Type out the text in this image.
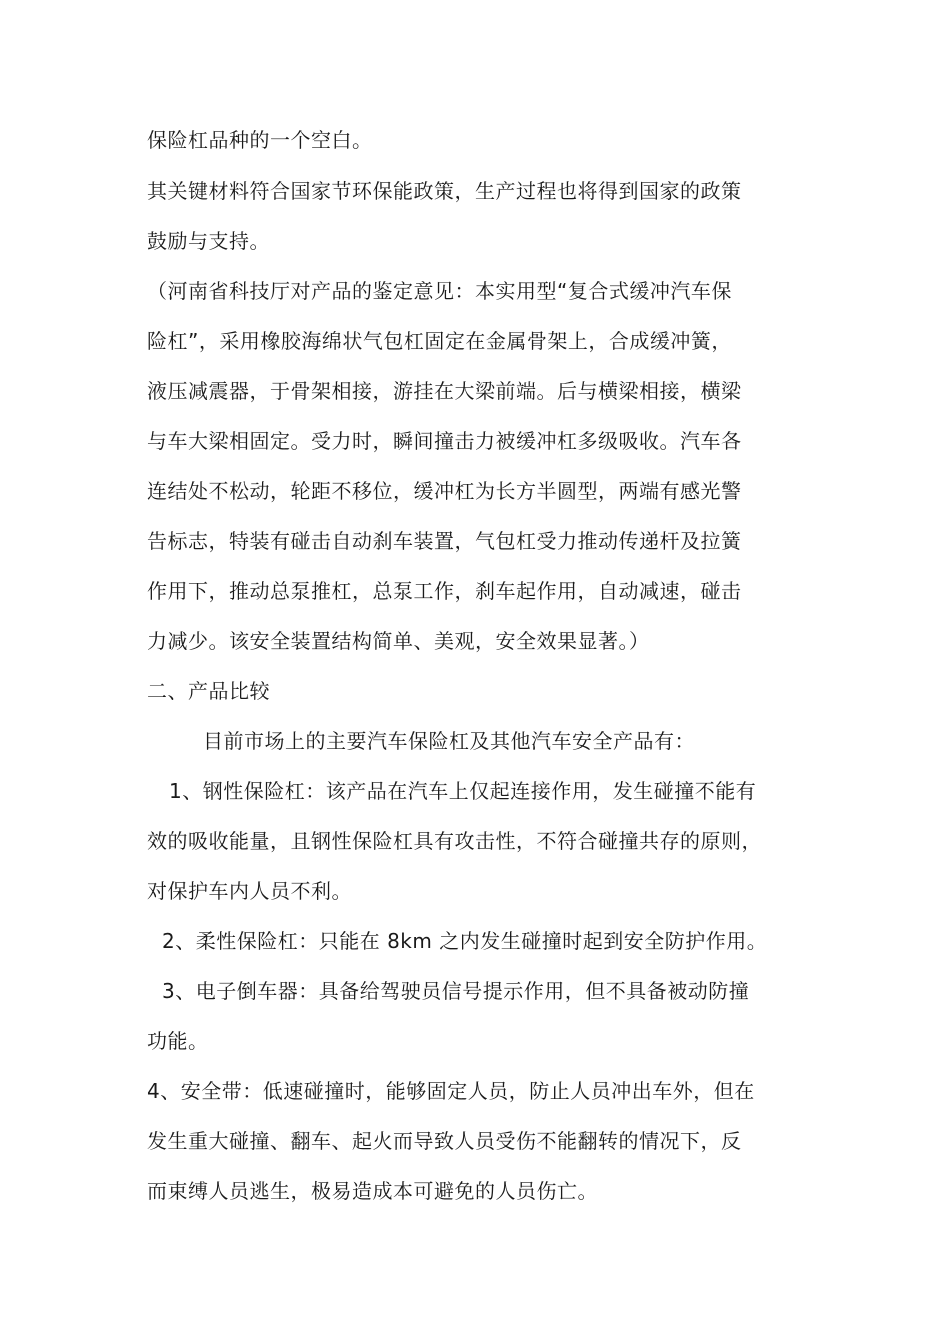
保险杠品种的一个空白。
其关键材料符合国家节环保能政策，生产过程也将得到国家的政策
鼓励与支持。
（河南省科技厅对产品的鉴定意见：本实用型“复合式缓冲汽车保
险杠”，采用橡胶海绵状气包杠固定在金属骨架上，合成缓冲簧，
液压减震器，于骨架相接，游挂在大梁前端。后与横梁相接，横梁
与车大梁相固定。受力时，瞬间撞击力被缓冲杠多级吸收。汽车各
连结处不松动，轮距不移位，缓冲杠为长方半圆型，两端有感光警
告标志，特装有碰击自动刹车装置，气包杠受力推动传递杆及拉簧
作用下，推动总泵推杠，总泵工作，刹车起作用，自动减速，碰击
力减少。该安全装置结构简单、美观，安全效果显著。）
二、产品比较
目前市场上的主要汽车保险杠及其他汽车安全产品有：
1、钢性保险杠：该产品在汽车上仅起连接作用，发生碰撞不能有
效的吸收能量，且钢性保险杠具有攻击性，不符合碰撞共存的原则，
对保护车内人员不利。
2、柔性保险杠：只能在 8km 之内发生碰撞时起到安全防护作用。
3、电子倒车器：具备给驾驶员信号提示作用，但不具备被动防撞
功能。
4、安全带：低速碰撞时，能够固定人员，防止人员冲出车外，但在
发生重大碰撞、翻车、起火而导致人员受伤不能翻转的情况下，反
而束缚人员逃生，极易造成本可避免的人员伤亡。
